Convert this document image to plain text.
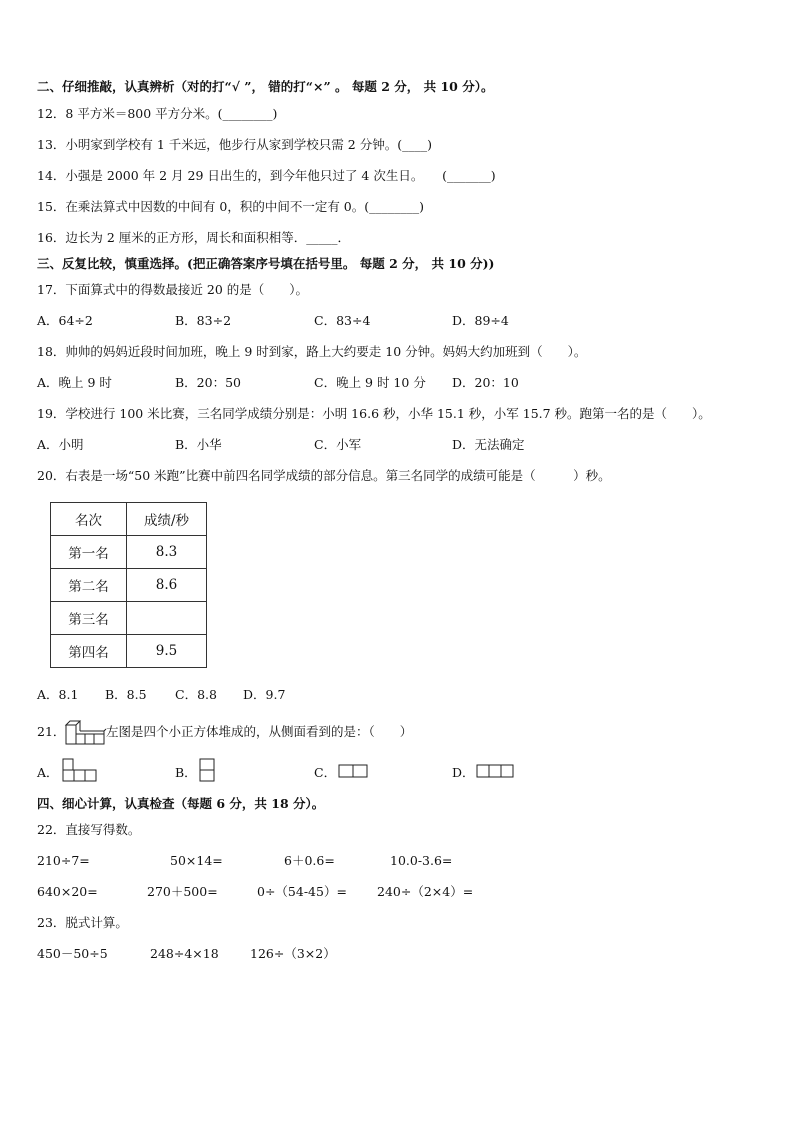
二、仔细推敲，认真辨析（对的打“√ ”， 错的打“×” 。 每题 2 分， 共 10 分）。
12．8 平方米＝800 平方分米。(________)
13．小明家到学校有 1 千米远，他步行从家到学校只需 2 分钟。(____)
14．小强是 2000 年 2 月 29 日出生的，到今年他只过了 4 次生日。　　(_______)
15．在乘法算式中因数的中间有 0，积的中间不一定有 0。(________)
16．边长为 2 厘米的正方形，周长和面积相等．_____．
三、反复比较，慎重选择。(把正确答案序号填在括号里。 每题 2 分， 共 10 分))
17．下面算式中的得数最接近 20 的是（　　）。
A．64÷2	B．83÷2	C．83÷4	D．89÷4
18．帅帅的妈妈近段时间加班，晚上 9 时到家，路上大约要走 10 分钟。妈妈大约加班到（　　）。
A．晚上 9 时	B．20：50	C．晚上 9 时 10 分 D．20：10
19．学校进行 100 米比赛，三名同学成绩分别是：小明 16.6 秒，小华 15.1 秒，小军 15.7 秒。跑第一名的是（　　）。
A．小明	B．小华	C．小军	D．无法确定
20．右表是一场“50 米跑”比赛中前四名同学成绩的部分信息。第三名同学的成绩可能是（　　　）秒。
名次	成绩/秒
第一名	8.3
第二名	8.6
第三名	
第四名	9.5
A．8.1 B．8.5 C．8.8 D．9.7
21．	左图是四个小正方体堆成的，从侧面看到的是：（　　）
A．	B．	C．	D．
四、细心计算，认真检查（每题 6 分，共 18 分）。
22．直接写得数。
210÷7=	50×14=	6＋0.6=	10.0-3.6=
640×20=	270＋500=	0÷（54-45）= 240÷（2×4）=
23．脱式计算。
450－50÷5	248÷4×18	126÷（3×2）
